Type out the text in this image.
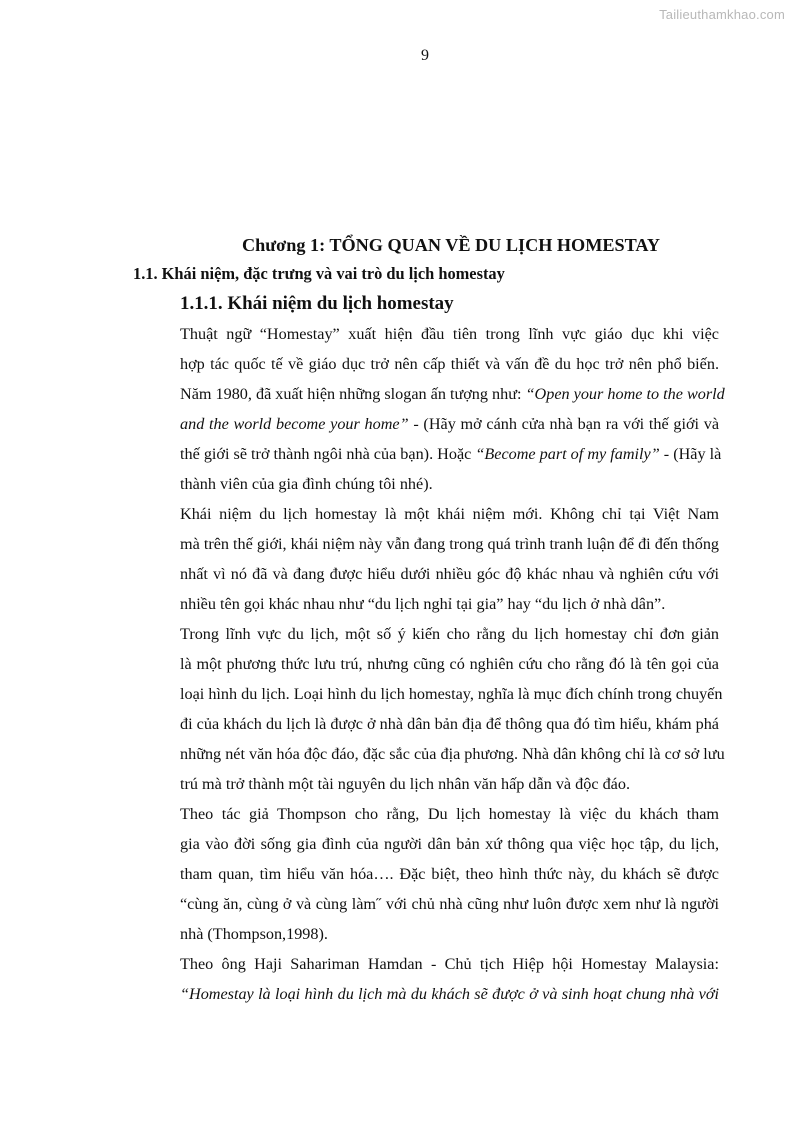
Tailieuthamkhao.com
9
Chương 1: TỔNG QUAN VỀ DU LỊCH HOMESTAY
1.1. Khái niệm, đặc trưng và vai trò du lịch homestay
1.1.1. Khái niệm du lịch homestay

Thuật ngữ “Homestay” xuất hiện đầu tiên trong lĩnh vực giáo dục khi việc
hợp tác quốc tế về giáo dục trở nên cấp thiết và vấn đề du học trở nên phổ biến.
Năm 1980, đã xuất hiện những slogan ấn tượng như: “Open your home to the world
and the world become your home” - (Hãy mở cánh cửa nhà bạn ra với thế giới và
thế giới sẽ trở thành ngôi nhà của bạn). Hoặc “Become part of my family” - (Hãy là
thành viên của gia đình chúng tôi nhé).

Khái niệm du lịch homestay là một khái niệm mới. Không chỉ tại Việt Nam
mà trên thế giới, khái niệm này vẫn đang trong quá trình tranh luận để đi đến thống
nhất vì nó đã và đang được hiểu dưới nhiều góc độ khác nhau và nghiên cứu với
nhiều tên gọi khác nhau như “du lịch nghỉ tại gia” hay “du lịch ở nhà dân”.

Trong lĩnh vực du lịch, một số ý kiến cho rằng du lịch homestay chỉ đơn giản
là một phương thức lưu trú, nhưng cũng có nghiên cứu cho rằng đó là tên gọi của
loại hình du lịch. Loại hình du lịch homestay, nghĩa là mục đích chính trong chuyến
đi của khách du lịch là được ở nhà dân bản địa để thông qua đó tìm hiểu, khám phá
những nét văn hóa độc đáo, đặc sắc của địa phương. Nhà dân không chỉ là cơ sở lưu
trú mà trở thành một tài nguyên du lịch nhân văn hấp dẫn và độc đáo.

Theo tác giả Thompson cho rằng, Du lịch homestay là việc du khách tham
gia vào đời sống gia đình của người dân bản xứ thông qua việc học tập, du lịch,
tham quan, tìm hiểu văn hóa…. Đặc biệt, theo hình thức này, du khách sẽ được
“cùng ăn, cùng ở và cùng làm˝ với chủ nhà cũng như luôn được xem như là người
nhà (Thompson,1998).

Theo ông Haji Sahariman Hamdan - Chủ tịch Hiệp hội Homestay Malaysia:
“Homestay là loại hình du lịch mà du khách sẽ được ở và sinh hoạt chung nhà với
